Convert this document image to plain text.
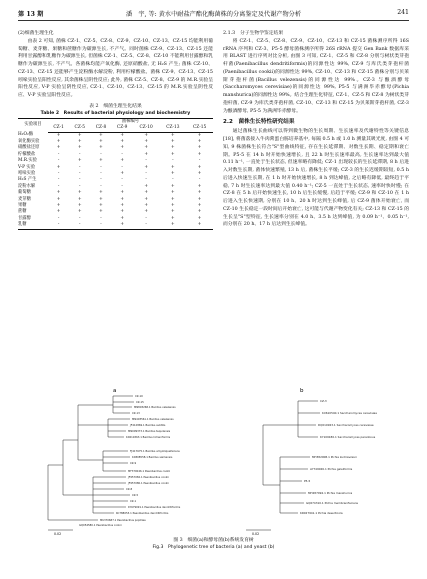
第 13 期	潘　宇, 等: 黄水中耐盐产酯化酶菌株的分离鉴定及代谢产物分析	241

(2)细菌生理生化

由表 2 可知, 菌株 CZ-1、CZ-5、CZ-8、CZ-9、CZ-10、CZ-13、CZ-15 均能利用葡萄糖、麦芽糖、果糖和蔗糖作为碳源生长, 不产气。同时菌株 CZ-9、CZ-13、CZ-15 还能利用甘露醇和乳糖作为碳源生长, 但菌株 CZ-1、CZ-5、CZ-8、CZ-10 不能利用甘露醇和乳糖作为碳源生长, 不产气。各菌株均能产氧化酶, 还原硝酸盐, 无 H₂S 产生; 菌株 CZ-10、CZ-13、CZ-15 还能够产生淀粉酶水解淀粉, 利用柠檬酸盐。菌株 CZ-9、CZ-13、CZ-15 吲哚实验呈阳性反应, 其余菌株呈阴性反应; 此外, 菌株 CZ-5、CZ-8、CZ-9 的 M.R.实验呈阳性反应, V-P 实验呈阴性反应, CZ-1、CZ-10、CZ-13、CZ-15 的 M.R.实验呈阴性反应、V-P 实验呈阳性反应。

表 2　细菌生理生化结果
Table 2　Results of bacterial physiology and biochemistry
实验项目	菌株编号						
	CZ-1	CZ-5	CZ-8	CZ-9	CZ-10	CZ-13	CZ-15
H₂O₂酶	+	+	+	+	+	+	+
氧化酶实验	+	+	+	+	+	+	+
硝酸盐还原	+	+	+	+	+	+	+
柠檬酸盐	-	-	-	-	+	+	+
M.R.实验	-	+	+	+	-	-	-
V-P 实验	+	-	-	-	+	+	+
吲哚实验	-	-	-	+	-	+	+
H₂S 产生	-	-	-	-	-	-	-
淀粉水解	-	-	-	-	+	+	+
葡萄糖	+	+	+	+	+	+	+
麦芽糖	+	+	+	+	+	+	+
果糖	+	+	+	+	+	+	+
蔗糖	+	+	+	+	+	+	+
甘露醇	-	-	-	+	-	+	+
乳糖	-	-	-	+	-	+	+

2.1.3　分子生物学鉴定结果

将 CZ-1、CZ-5、CZ-8、CZ-9、CZ-10、CZ-13 和 CZ-15 菌株测序所得 16S rRNA 序列和 CZ-3、P5-5 酵母菌株测序所得 26S rRNA 提交 Gen Bank 数据库采用 BLAST 进行序列对比分析, 由图 3 可知, CZ-1、CZ-5 和 CZ-8 分别与树状类芽孢杆菌(Paenibacillus dendritiformis)的同源性达 99%, CZ-9 与库氏类芽孢杆菌(Paenibacillus cookii)的同源性达 99%, CZ-10、CZ-13 和 CZ-15 菌株分别与贝莱斯芽孢杆菌(Bacillus velezensis)的同源性达 99%。CZ-3 与酿酒酵母(Saccharomyces cerevisiae)的同源性达 99%, P5-5 与满洲毕赤酵母(Pichia manshurica)的同源性达 99%。结合生理生化特征, CZ-1、CZ-5 和 CZ-8 为树状类芽孢杆菌, CZ-9 为库氏类芽孢杆菌, CZ-10、CZ-13 和 CZ-15 为贝莱斯芽孢杆菌, CZ-3 为酿酒酵母, P5-5 为满洲毕赤酵母。

2.2　菌株生长特性研究结果

通过菌株生长曲线可以得到微生物的生长周期、生长速率及代谢特性等关键信息[18], 将菌落接入牛肉膏蛋白胨培养基中, 每隔 0.5 h 或 1.0 h 测量其吸光度, 由图 4 可知, 9 株菌株生长符合"S"型曲线特征, 存在生长延滞期、对数生长期、稳定期和衰亡期。P5-5 在 14 h 时开始快速增长, 且 22 h 时生长速率最高, 生长速率达到最大值 0.11 h⁻¹, 一直处于生长状态, 但速率略有降低; CZ-1 出现较长的生长延滞期, 8 h 后进入对数生长期, 菌体快速繁殖, 13 h 后, 菌株生长平缓; CZ-3 的生长迟缓期较短, 0.5 h 后进入快速生长期, 在 1 h 时开始快速增长, 8 h 到达峰值, 之后略有降低, 最终趋于平稳, 7 h 时生长速率达到最大值 0.40 h⁻¹; CZ-5 一直处于生长状态, 速率时快时慢; 在 CZ-8 在 5 h 后开始快速生长, 10 h 后生长缓慢, 后趋于平缓; CZ-9 和 CZ-10 在 1 h 后进入生长快速期, 分别在 10 h、20 h 时达到生长峰值, 后 CZ-9 菌体开始衰亡, 而 CZ-10 生长稳定一段时间后开始衰亡, 这可能与代谢产物变化有关; CZ-13 和 CZ-15 的生长呈"S"型特征, 生长速率分别在 4.0 h、3.5 h 达到峰值, 为 0.09 h⁻¹、0.05 h⁻¹, 而分别在 20 h、17 h 后达到生长峰值。

a	b
CZ-10
CZ-15
MN893268.1 Bacillus velezensis
CZ-13
MN493561.1 Bacillus velezensis
JF412869.1 Bacillus subtilis
MN099373.1 Bacillus tequilensis
KX611863.1 Bacillus licheniformis
FJ417675.1 Bacillus amyloliquefaciens
KX808558.1 Bacillus siamensis
CZ-9
MF370046.1 Paenibacillus cookii
JF957082.1 Paenibacillus cookii
JF957080.1 Paenibacillus cookii
CZ-8
CZ-5
CZ-1
KY679091.1 Paenibacillus dendritiformis
KC788053.1 Paenibacillus dendritiformis
MK370687.1 Paenibacillus popilliae
GQ054580.1 Paenibacillus cookii
0.02
CZ-3
KX610540.1 Saccharomyces cerevisiae
DQ019923.1 Saccharomyces cerevisiae
KY109180.1 Saccharomyces paradoxus
MH382908.1 Pichia kudriavzevii
AY749026.1 Pichia galeiformis
P5-5
MH287094.1 Pichia manshurica
GQ674310.1 Pichia membranifaciens
KR027941.1 Pichia deserticola
0.02
图 3　细菌(a)和酵母菌(b)系统发育树
Fig.3　Phylogenetic tree of bacteria (a) and yeast (b)
